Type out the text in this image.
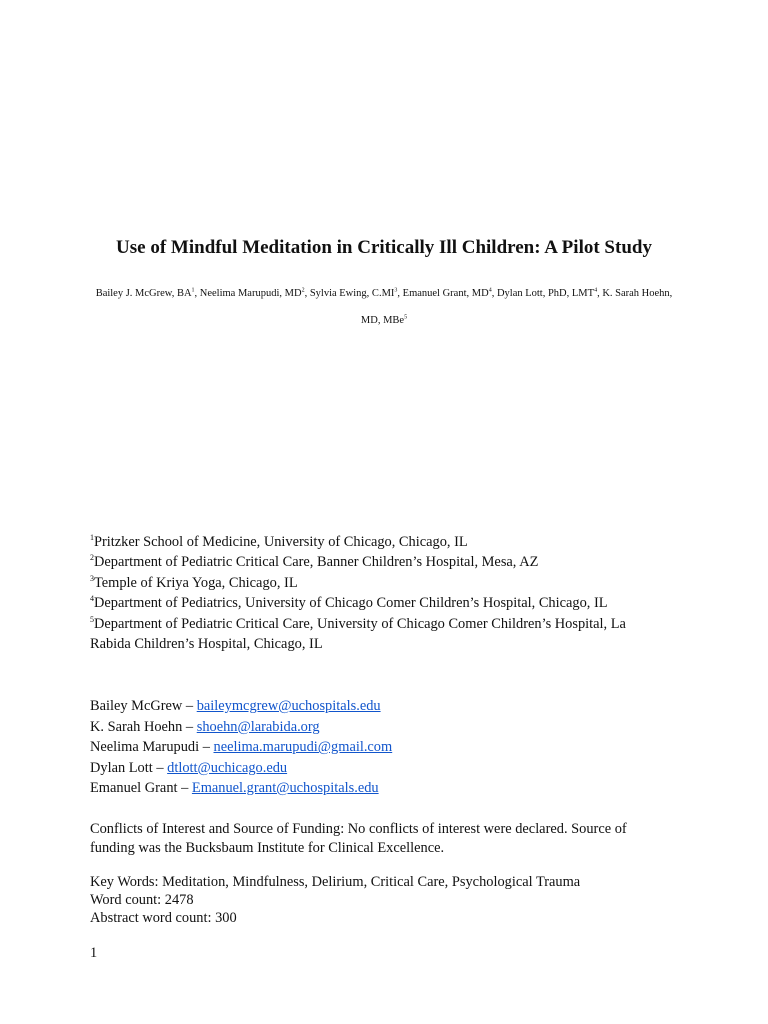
Use of Mindful Meditation in Critically Ill Children: A Pilot Study
Bailey J. McGrew, $BA^1$, Neelima Marupudi, $MD^2$, Sylvia Ewing, $C.MI^3$, Emanuel Grant, $MD^4$, Dylan Lott, PhD, LMT$^4$, K. Sarah Hoehn, MD, MBe$^5$

$^1$Pritzker School of Medicine, University of Chicago, Chicago, IL

$^2$Department of Pediatric Critical Care, Banner Children’s Hospital, Mesa, AZ

$^3$Temple of Kriya Yoga, Chicago, IL

$^4$Department of Pediatrics, University of Chicago Comer Children’s Hospital, Chicago, IL

$^5$Department of Pediatric Critical Care, University of Chicago Comer Children’s Hospital, La Rabida Children’s Hospital, Chicago, IL

Bailey McGrew – baileymcgrew@uchospitals.edu

K. Sarah Hoehn – shoehn@larabida.org

Neelima Marupudi – neelima.marupudi@gmail.com

Dylan Lott – dtlott@uchicago.edu

Emanuel Grant – Emanuel.grant@uchospitals.edu

Conflicts of Interest and Source of Funding: No conflicts of interest were declared. Source of funding was the Bucksbaum Institute for Clinical Excellence.

Key Words: Meditation, Mindfulness, Delirium, Critical Care, Psychological Trauma

Word count: 2478

Abstract word count: 300

1
